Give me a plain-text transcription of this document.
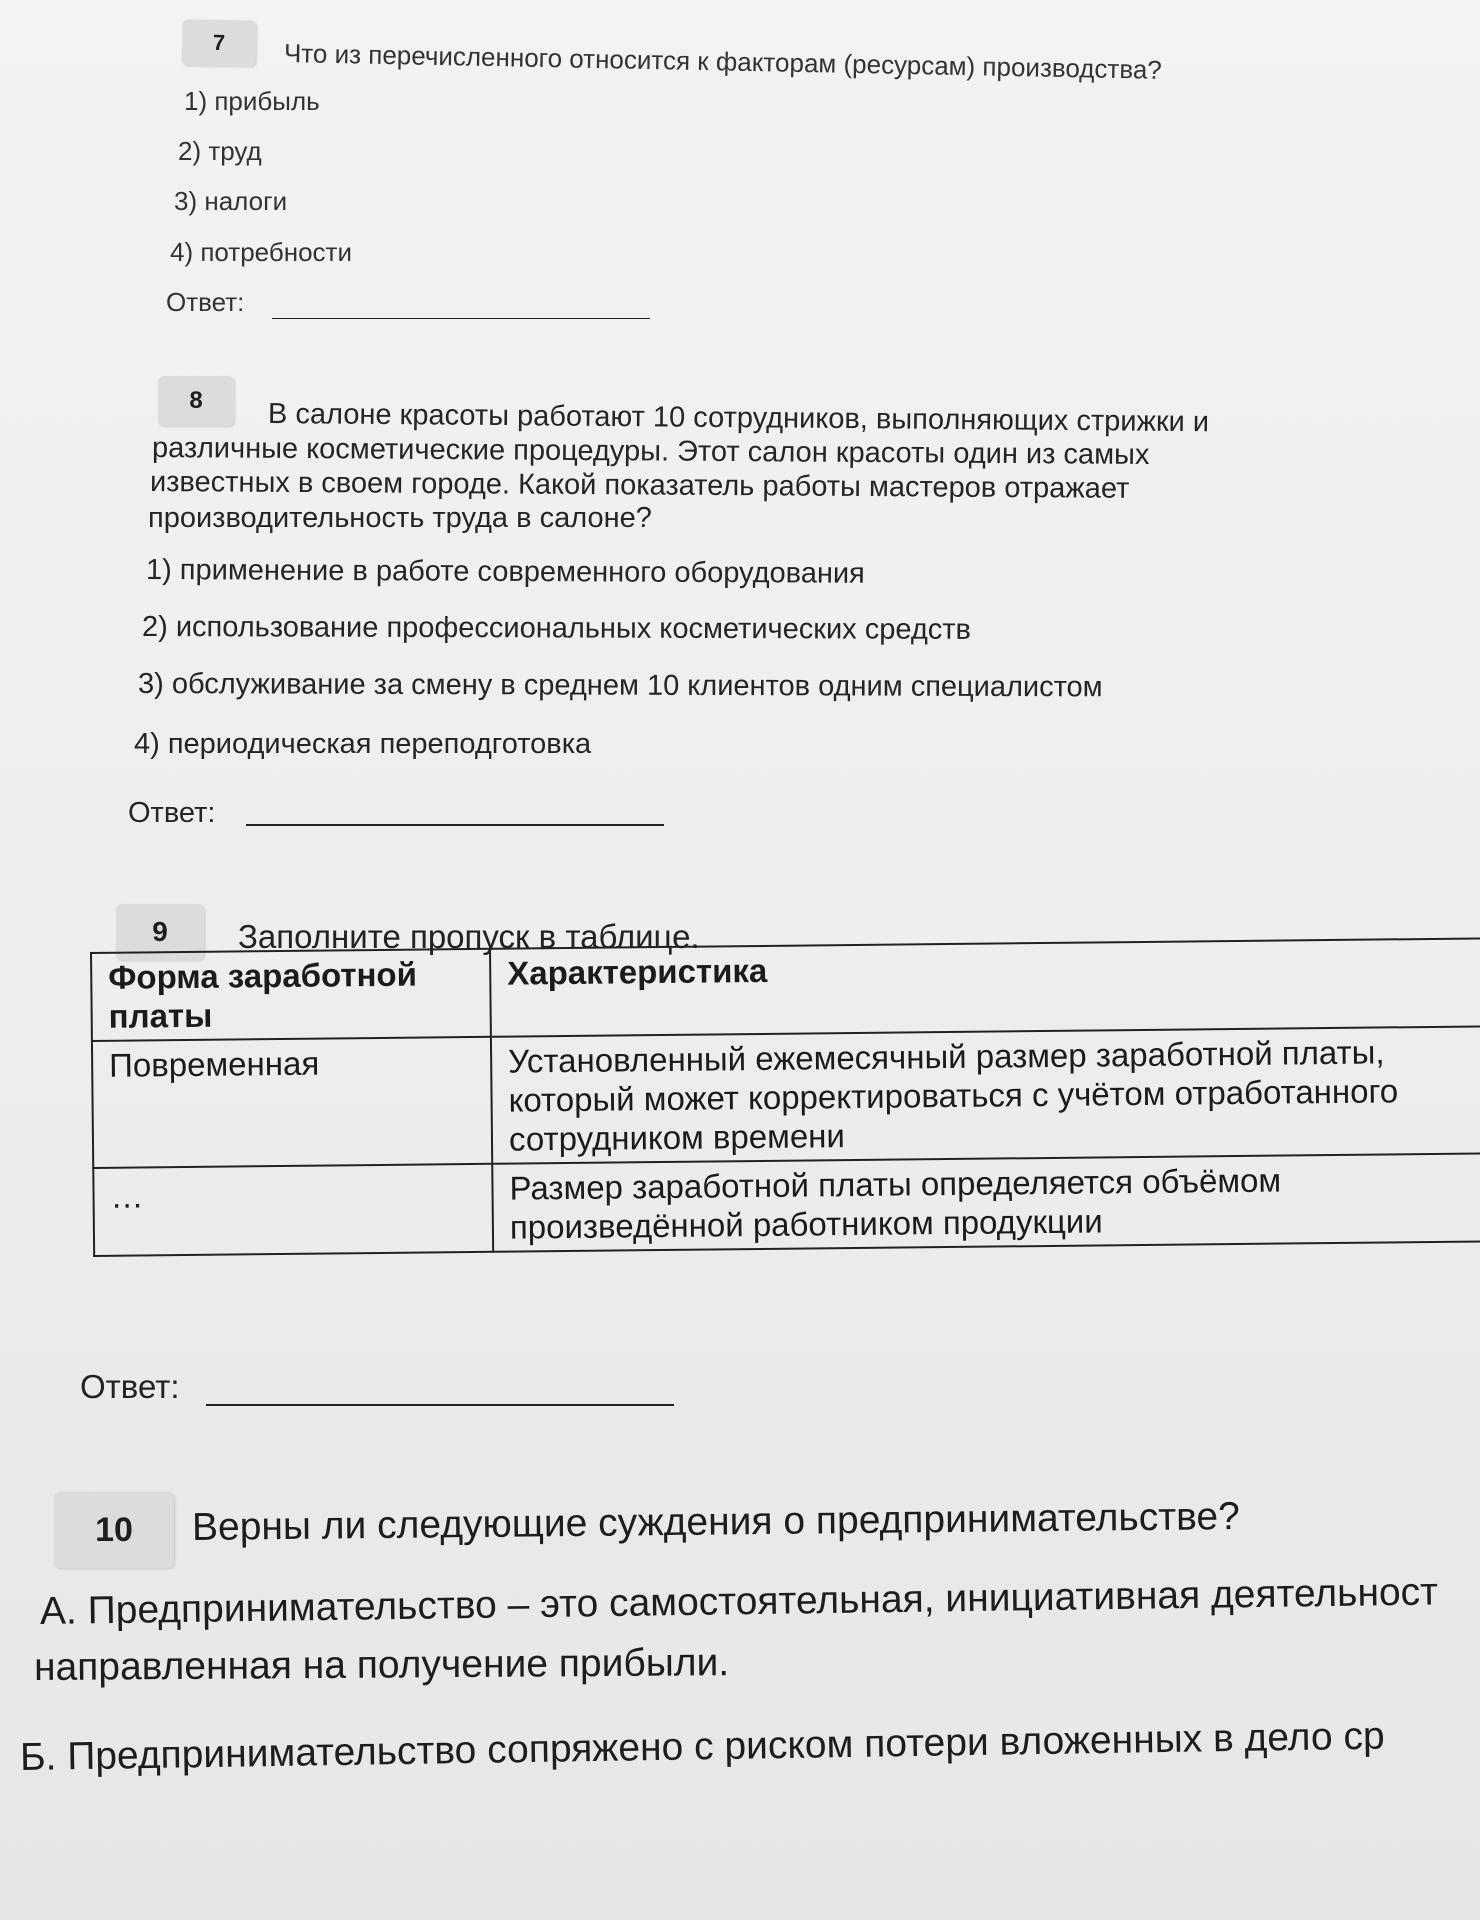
7	Что из перечисленного относится к факторам (ресурсам) производства?
1) прибыль
2) труд
3) налоги
4) потребности
Ответ:
8	В салоне красоты работают 10 сотрудников, выполняющих стрижки и
различные косметические процедуры. Этот салон красоты один из самых
известных в своем городе. Какой показатель работы мастеров отражает
производительность труда в салоне?
1) применение в работе современного оборудования
2) использование профессиональных косметических средств
3) обслуживание за смену в среднем 10 клиентов одним специалистом
4) периодическая переподготовка
Ответ:
9	Заполните пропуск в таблице.
Форма заработной платы	Характеристика
Повременная	Установленный ежемесячный размер заработной платы, который может корректироваться с учётом отработанного сотрудником времени
…	Размер заработной платы определяется объёмом произведённой работником продукции
Ответ:
10	Верны ли следующие суждения о предпринимательстве?
А. Предпринимательство – это самостоятельная, инициативная деятельност
направленная на получение прибыли.
Б. Предпринимательство сопряжено с риском потери вложенных в дело ср
